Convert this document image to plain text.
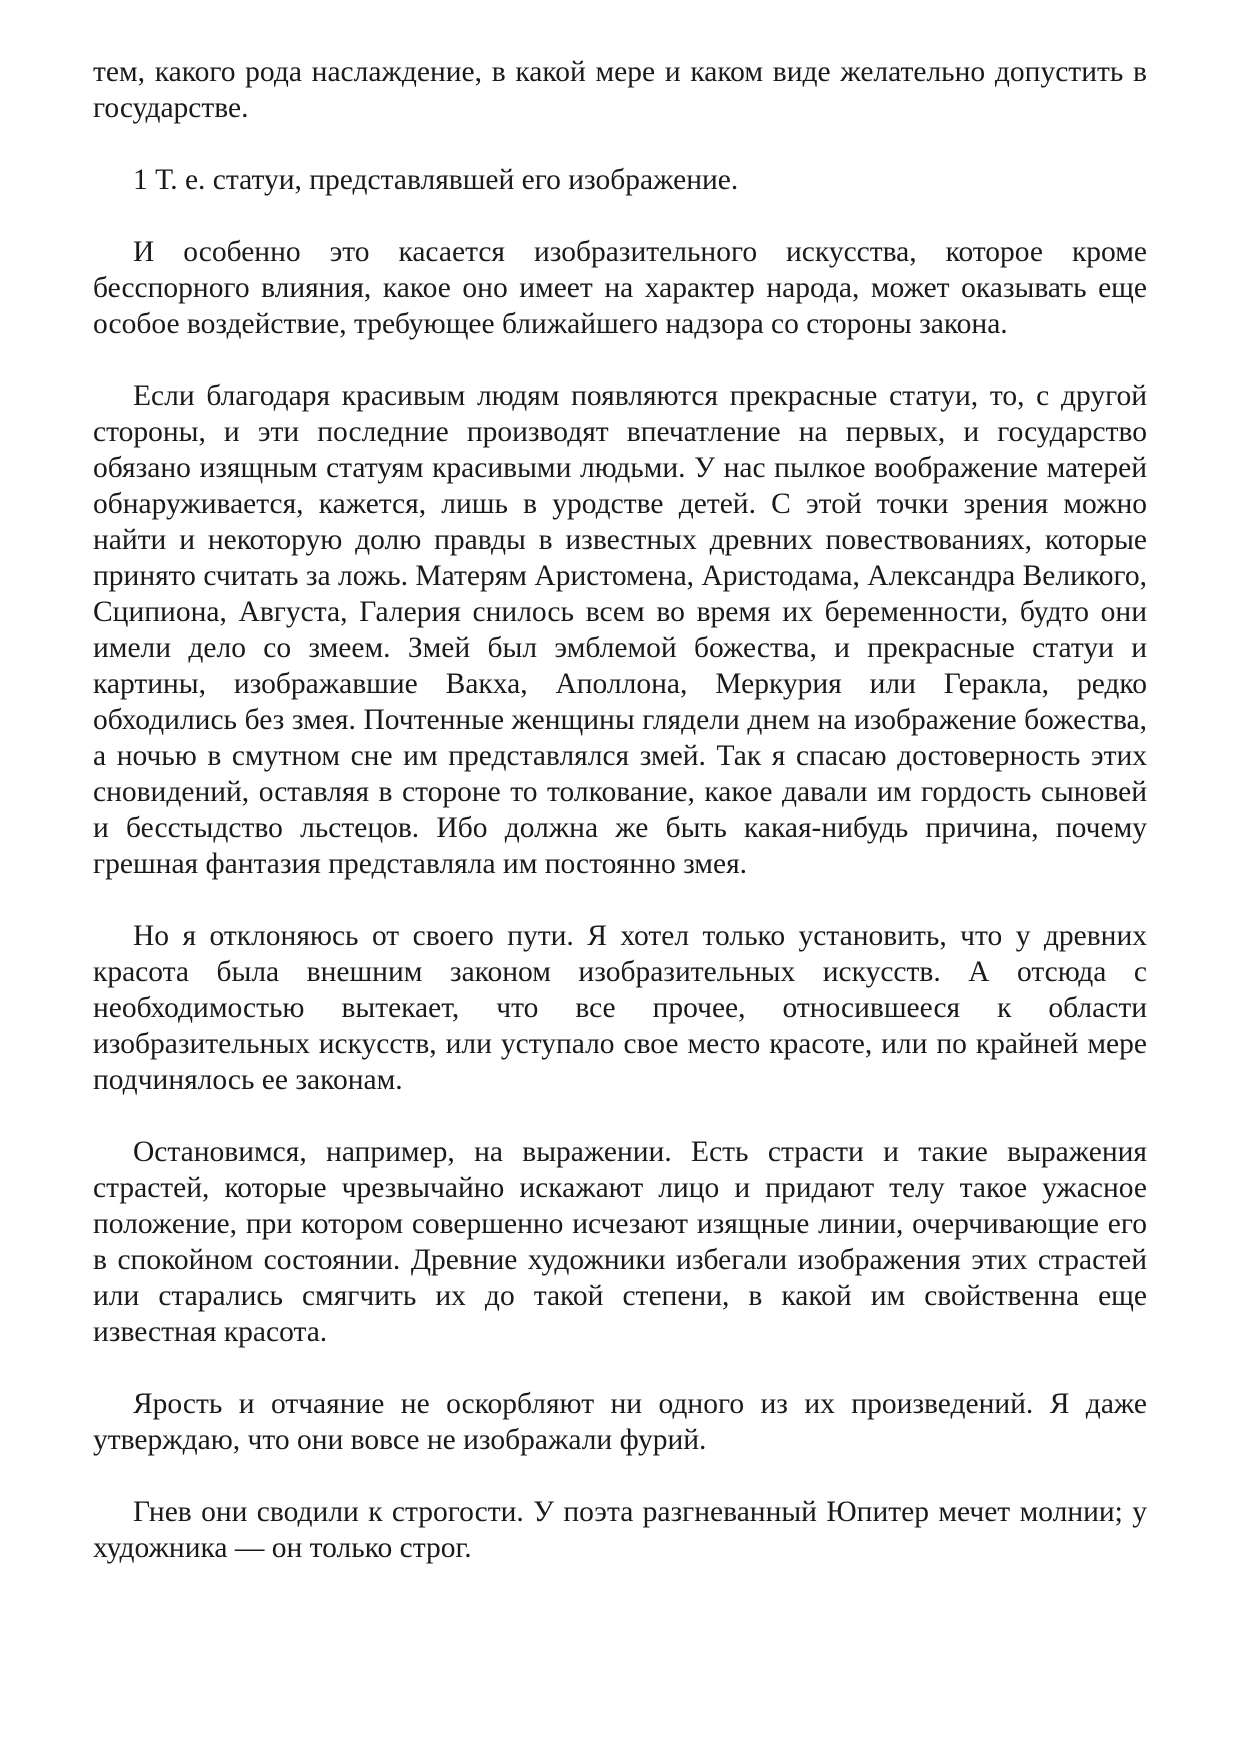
тем, какого рода наслаждение, в какой мере и каком виде желательно допустить в государстве.

1 Т. е. статуи, представлявшей его изображение.

И особенно это касается изобразительного искусства, которое кроме бесспорного влияния, какое оно имеет на характер народа, может оказывать еще особое воздействие, требующее ближайшего надзора со стороны закона.

Если благодаря красивым людям появляются прекрасные статуи, то, с другой стороны, и эти последние производят впечатление на первых, и государство обязано изящным статуям красивыми людьми. У нас пылкое воображение матерей обнаруживается, кажется, лишь в уродстве детей. С этой точки зрения можно найти и некоторую долю правды в известных древних повествованиях, которые принято считать за ложь. Матерям Аристомена, Аристодама, Александра Великого, Сципиона, Августа, Галерия снилось всем во время их беременности, будто они имели дело со змеем. Змей был эмблемой божества, и прекрасные статуи и картины, изображавшие Вакха, Аполлона, Меркурия или Геракла, редко обходились без змея. Почтенные женщины глядели днем на изображение божества, а ночью в смутном сне им представлялся змей. Так я спасаю достоверность этих сновидений, оставляя в стороне то толкование, какое давали им гордость сыновей и бесстыдство льстецов. Ибо должна же быть какая-нибудь причина, почему грешная фантазия представляла им постоянно змея.

Но я отклоняюсь от своего пути. Я хотел только установить, что у древних красота была внешним законом изобразительных искусств. А отсюда с необходимостью вытекает, что все прочее, относившееся к области изобразительных искусств, или уступало свое место красоте, или по крайней мере подчинялось ее законам.

Остановимся, например, на выражении. Есть страсти и такие выражения страстей, которые чрезвычайно искажают лицо и придают телу такое ужасное положение, при котором совершенно исчезают изящные линии, очерчивающие его в спокойном состоянии. Древние художники избегали изображения этих страстей или старались смягчить их до такой степени, в какой им свойственна еще известная красота.

Ярость и отчаяние не оскорбляют ни одного из их произведений. Я даже утверждаю, что они вовсе не изображали фурий.

Гнев они сводили к строгости. У поэта разгневанный Юпитер мечет молнии; у художника — он только строг.
